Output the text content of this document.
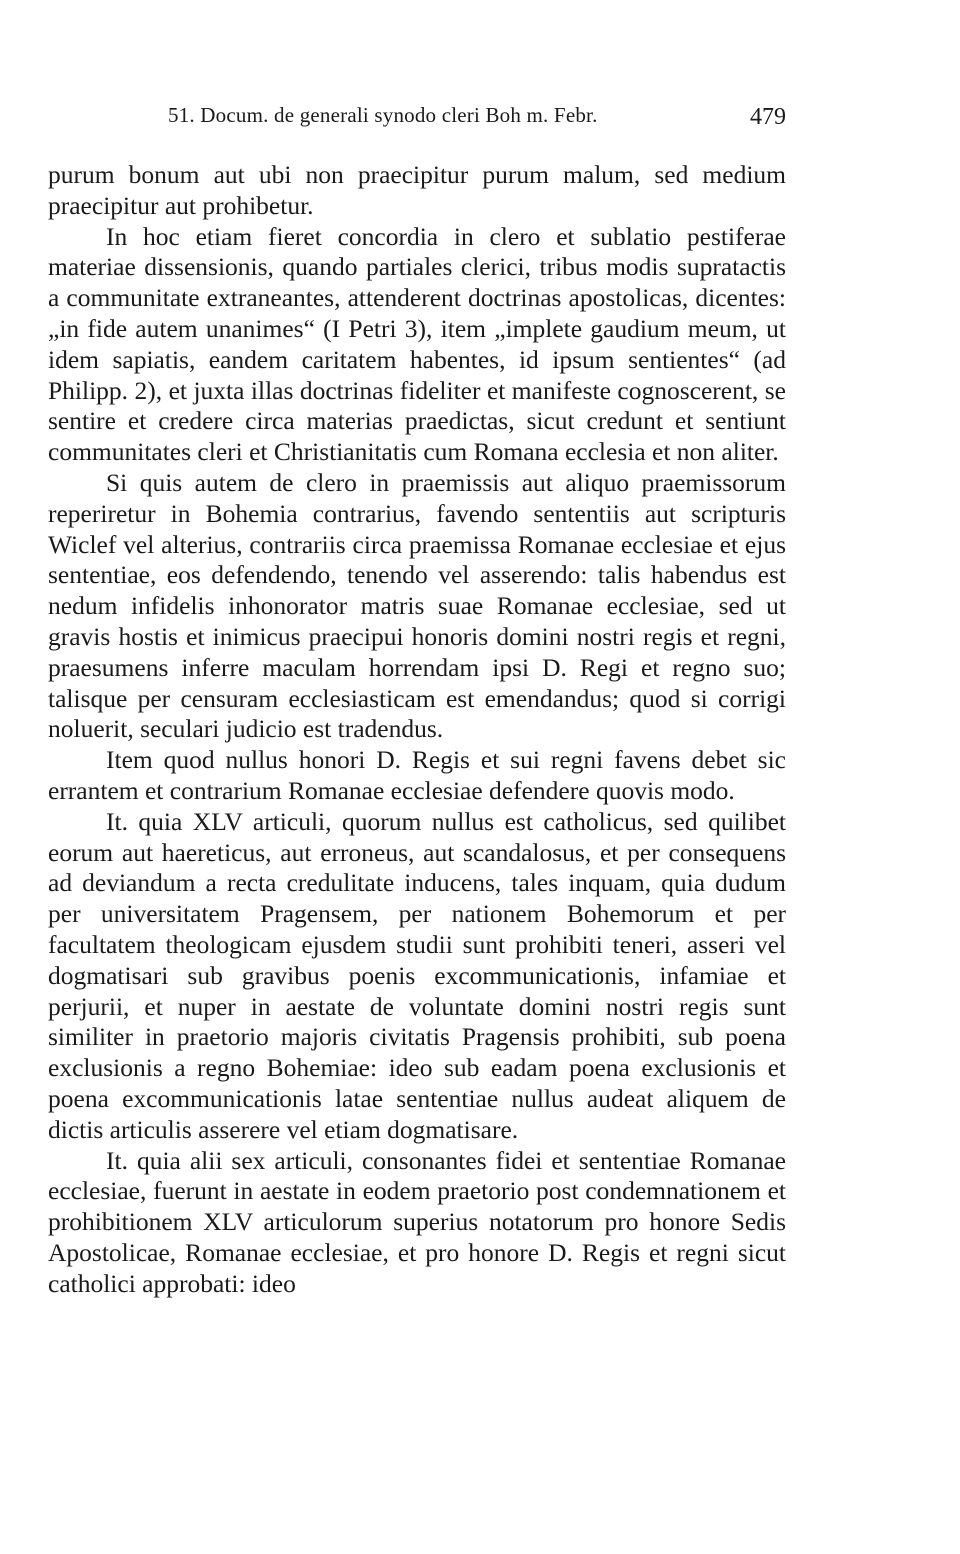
51. Docum. de generali synodo cleri Boh m. Febr.	479

purum bonum aut ubi non praecipitur purum malum, sed medium praecipitur aut prohibetur.

In hoc etiam fieret concordia in clero et sublatio pestiferae materiae dissensionis, quando partiales clerici, tribus modis supratactis a communitate extraneantes, attenderent doctrinas apostolicas, dicentes: „in fide autem unanimes“ (I Petri 3), item „implete gaudium meum, ut idem sapiatis, eandem caritatem habentes, id ipsum sentientes“ (ad Philipp. 2), et juxta illas doctrinas fideliter et manifeste cognoscerent, se sentire et credere circa materias praedictas, sicut credunt et sentiunt communitates cleri et Christianitatis cum Romana ecclesia et non aliter.

Si quis autem de clero in praemissis aut aliquo praemissorum reperiretur in Bohemia contrarius, favendo sententiis aut scripturis Wiclef vel alterius, contrariis circa praemissa Romanae ecclesiae et ejus sententiae, eos defendendo, tenendo vel asserendo: talis habendus est nedum infidelis inhonorator matris suae Romanae ecclesiae, sed ut gravis hostis et inimicus praecipui honoris domini nostri regis et regni, praesumens inferre maculam horrendam ipsi D. Regi et regno suo; talisque per censuram ecclesiasticam est emendandus; quod si corrigi noluerit, seculari judicio est tradendus.

Item quod nullus honori D. Regis et sui regni favens debet sic errantem et contrarium Romanae ecclesiae defendere quovis modo.

It. quia XLV articuli, quorum nullus est catholicus, sed quilibet eorum aut haereticus, aut erroneus, aut scandalosus, et per consequens ad deviandum a recta credulitate inducens, tales inquam, quia dudum per universitatem Pragensem, per nationem Bohemorum et per facultatem theologicam ejusdem studii sunt prohibiti teneri, asseri vel dogmatisari sub gravibus poenis excommunicationis, infamiae et perjurii, et nuper in aestate de voluntate domini nostri regis sunt similiter in praetorio majoris civitatis Pragensis prohibiti, sub poena exclusionis a regno Bohemiae: ideo sub eadam poena exclusionis et poena excommunicationis latae sententiae nullus audeat aliquem de dictis articulis asserere vel etiam dogmatisare.

It. quia alii sex articuli, consonantes fidei et sententiae Romanae ecclesiae, fuerunt in aestate in eodem praetorio post condemnationem et prohibitionem XLV articulorum superius notatorum pro honore Sedis Apostolicae, Romanae ecclesiae, et pro honore D. Regis et regni sicut catholici approbati: ideo
